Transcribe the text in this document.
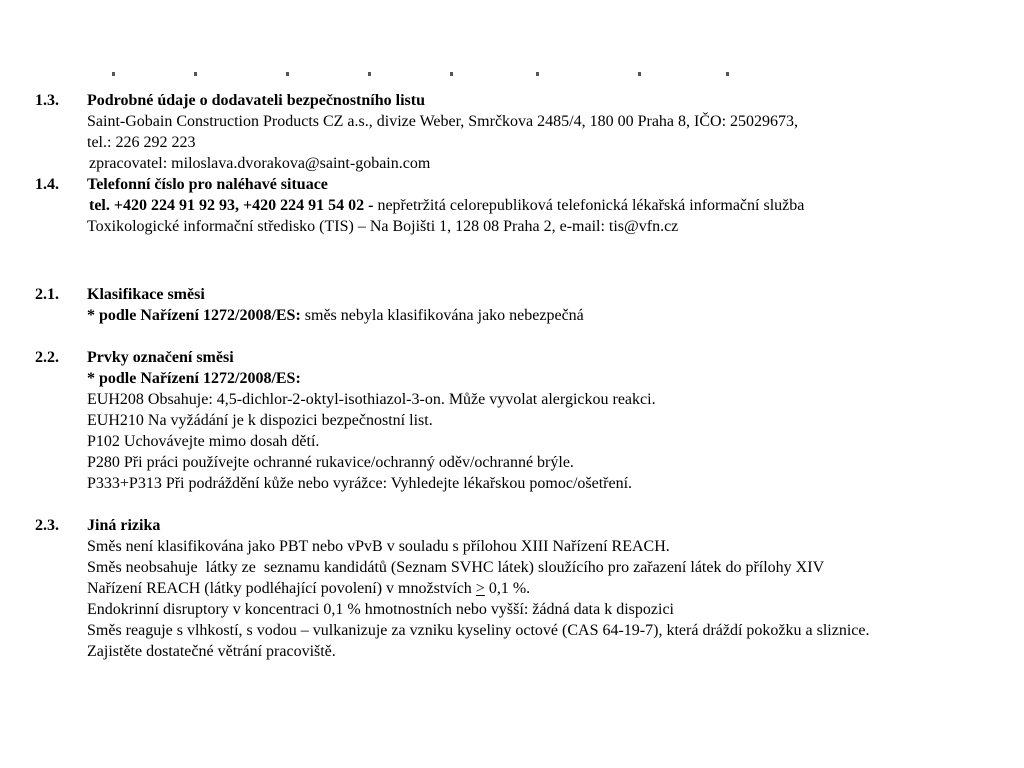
1.3. Podrobné údaje o dodavateli bezpečnostního listu
Saint-Gobain Construction Products CZ a.s., divize Weber, Smrčkova 2485/4, 180 00 Praha 8, IČO: 25029673,
tel.: 226 292 223
zpracovatel: miloslava.dvorakova@saint-gobain.com
1.4. Telefonní číslo pro naléhavé situace
tel. +420 224 91 92 93, +420 224 91 54 02 - nepřetržitá celorepubliková telefonická lékařská informační služba
Toxikologické informační středisko (TIS) – Na Bojišti 1, 128 08 Praha 2, e-mail: tis@vfn.cz
2.1. Klasifikace směsi
* podle Nařízení 1272/2008/ES: směs nebyla klasifikována jako nebezpečná
2.2. Prvky označení směsi
* podle Nařízení 1272/2008/ES:
EUH208 Obsahuje: 4,5-dichlor-2-oktyl-isothiazol-3-on. Může vyvolat alergickou reakci.
EUH210 Na vyžádání je k dispozici bezpečnostní list.
P102 Uchovávejte mimo dosah dětí.
P280 Při práci používejte ochranné rukavice/ochranný oděv/ochranné brýle.
P333+P313 Při podráždění kůže nebo vyrážce: Vyhledejte lékařskou pomoc/ošetření.
2.3. Jiná rizika
Směs není klasifikována jako PBT nebo vPvB v souladu s přílohou XIII Nařízení REACH.
Směs neobsahuje  látky ze  seznamu kandidátů (Seznam SVHC látek) sloužícího pro zařazení látek do přílohy XIV
Nařízení REACH (látky podléhající povolení) v množstvích ≥ 0,1 %.
Endokrinní disruptory v koncentraci 0,1 % hmotnostních nebo vyšší: žádná data k dispozici
Směs reaguje s vlhkostí, s vodou – vulkanizuje za vzniku kyseliny octové (CAS 64-19-7), která dráždí pokožku a sliznice.
Zajistěte dostatečné větrání pracoviště.
